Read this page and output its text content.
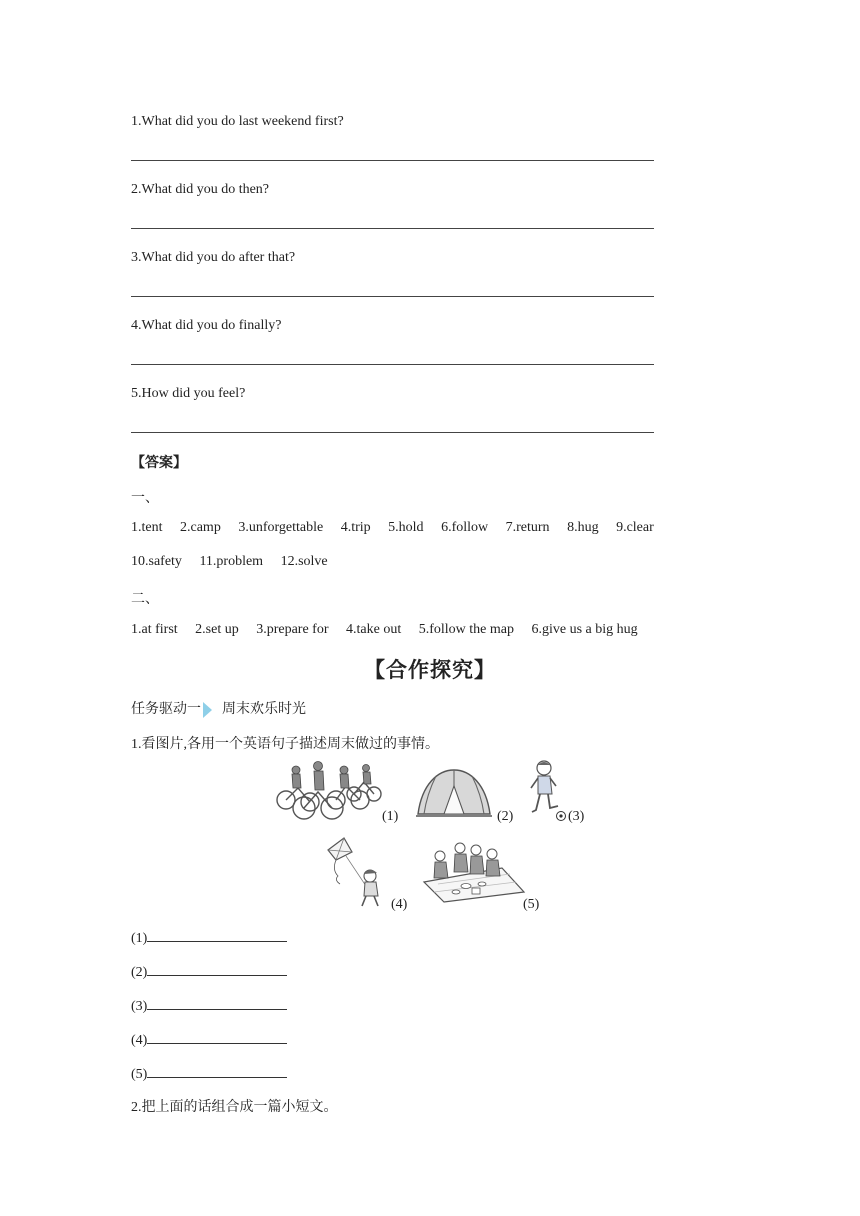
1.What did you do last weekend first?
2.What did you do then?
3.What did you do after that?
4.What did you do finally?
5.How did you feel?
【答案】
一、
1.tent 2.camp 3.unforgettable 4.trip 5.hold 6.follow 7.return 8.hug 9.clear
10.safety 11.problem 12.solve
二、
1.at first 2.set up 3.prepare for 4.take out 5.follow the map 6.give us a big hug
【合作探究】
任务驱动一 周末欢乐时光
1.看图片,各用一个英语句子描述周末做过的事情。
(1)	(2)	(3)
(4)	(5)
(1)
(2)
(3)
(4)
(5)
2.把上面的话组合成一篇小短文。
